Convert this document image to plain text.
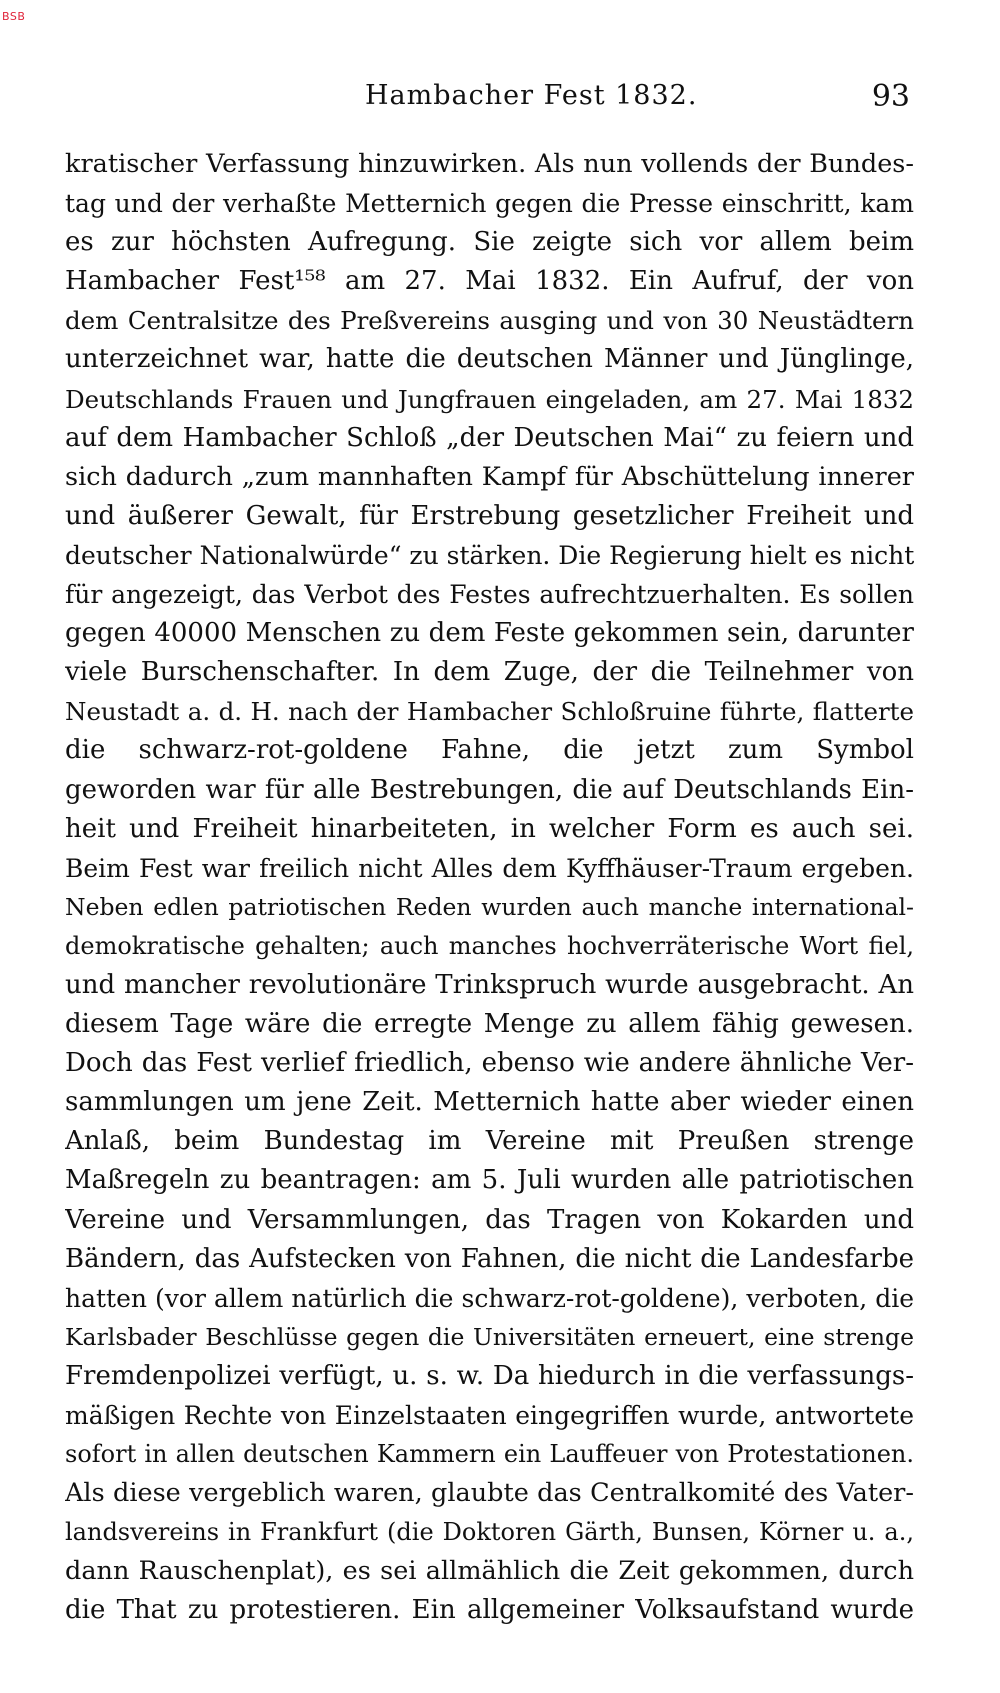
BSB
Hambacher Fest 1832.	93
kratischer Verfassung hinzuwirken. Als nun vollends der Bundes-
tag und der verhaßte Metternich gegen die Presse einschritt, kam
es zur höchsten Aufregung. Sie zeigte sich vor allem beim
Hambacher Fest¹⁵⁸ am 27. Mai 1832. Ein Aufruf, der von
dem Centralsitze des Preßvereins ausging und von 30 Neustädtern
unterzeichnet war, hatte die deutschen Männer und Jünglinge,
Deutschlands Frauen und Jungfrauen eingeladen, am 27. Mai 1832
auf dem Hambacher Schloß „der Deutschen Mai“ zu feiern und
sich dadurch „zum mannhaften Kampf für Abschüttelung innerer
und äußerer Gewalt, für Erstrebung gesetzlicher Freiheit und
deutscher Nationalwürde“ zu stärken. Die Regierung hielt es nicht
für angezeigt, das Verbot des Festes aufrechtzuerhalten. Es sollen
gegen 40000 Menschen zu dem Feste gekommen sein, darunter
viele Burschenschafter. In dem Zuge, der die Teilnehmer von
Neustadt a. d. H. nach der Hambacher Schloßruine führte, flatterte
die schwarz-rot-goldene Fahne, die jetzt zum Symbol
geworden war für alle Bestrebungen, die auf Deutschlands Ein-
heit und Freiheit hinarbeiteten, in welcher Form es auch sei.
Beim Fest war freilich nicht Alles dem Kyffhäuser-Traum ergeben.
Neben edlen patriotischen Reden wurden auch manche international-
demokratische gehalten; auch manches hochverräterische Wort fiel,
und mancher revolutionäre Trinkspruch wurde ausgebracht. An
diesem Tage wäre die erregte Menge zu allem fähig gewesen.
Doch das Fest verlief friedlich, ebenso wie andere ähnliche Ver-
sammlungen um jene Zeit. Metternich hatte aber wieder einen
Anlaß, beim Bundestag im Vereine mit Preußen strenge
Maßregeln zu beantragen: am 5. Juli wurden alle patriotischen
Vereine und Versammlungen, das Tragen von Kokarden und
Bändern, das Aufstecken von Fahnen, die nicht die Landesfarbe
hatten (vor allem natürlich die schwarz-rot-goldene), verboten, die
Karlsbader Beschlüsse gegen die Universitäten erneuert, eine strenge
Fremdenpolizei verfügt, u. s. w. Da hiedurch in die verfassungs-
mäßigen Rechte von Einzelstaaten eingegriffen wurde, antwortete
sofort in allen deutschen Kammern ein Lauffeuer von Protestationen.
Als diese vergeblich waren, glaubte das Centralkomité des Vater-
landsvereins in Frankfurt (die Doktoren Gärth, Bunsen, Körner u. a.,
dann Rauschenplat), es sei allmählich die Zeit gekommen, durch
die That zu protestieren. Ein allgemeiner Volksaufstand wurde
